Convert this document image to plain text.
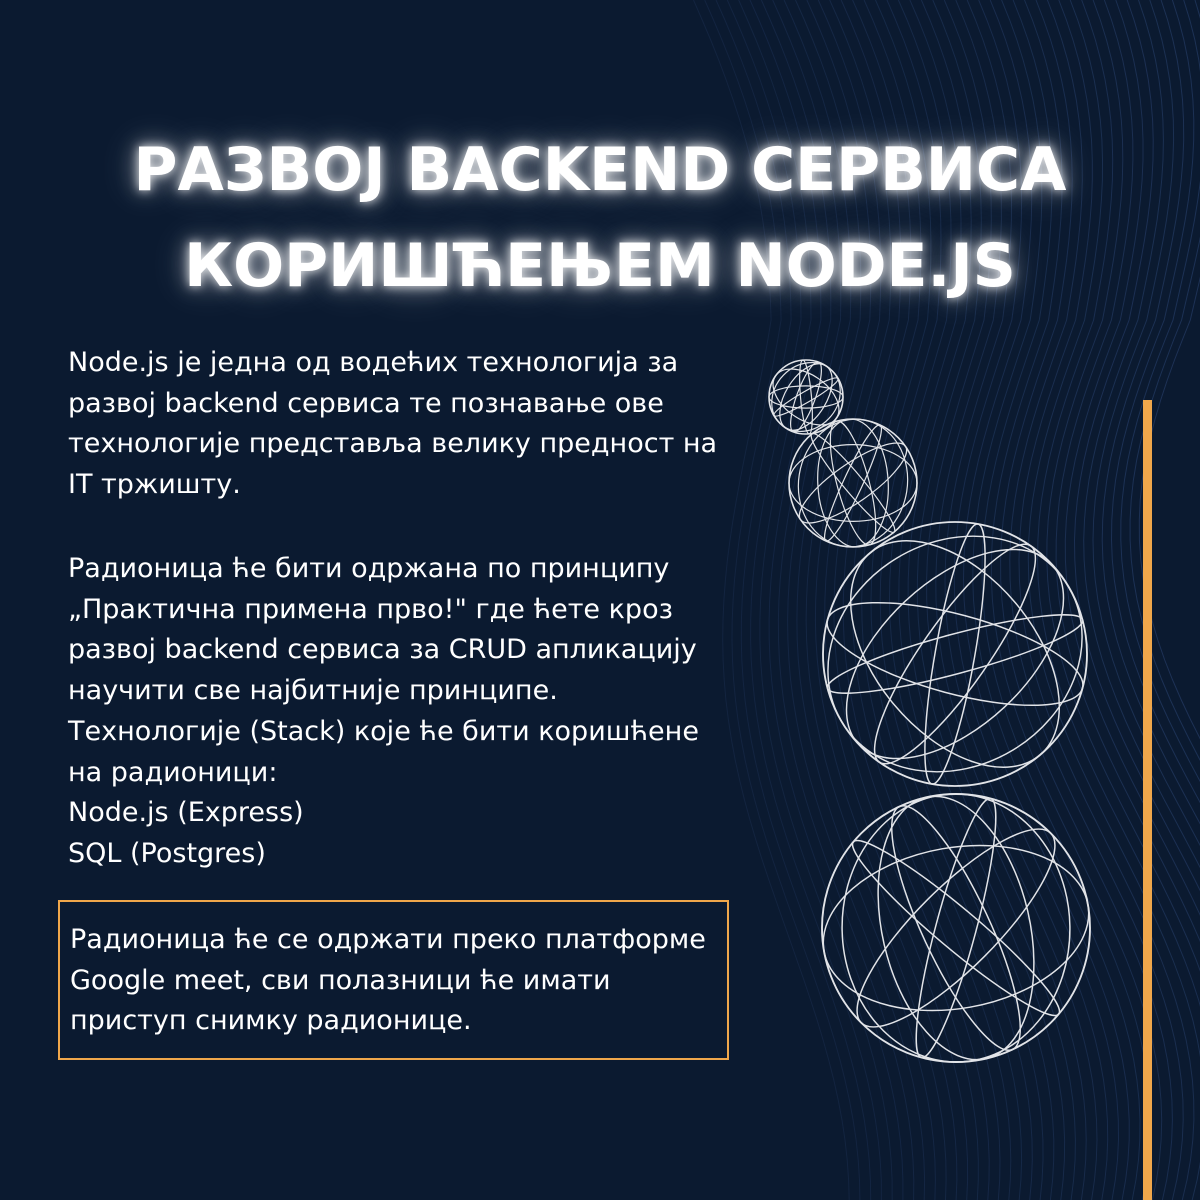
РАЗВОЈ BACKEND СЕРВИСА
КОРИШЋЕЊЕМ NODE.JS

Node.js је једна од водећих технологија за

развој backend сервиса те познавање ове

технологије представља велику предност на

IT тржишту.

Радионица ће бити одржана по принципу

„Практична примена прво!" где ћете кроз

развој backend сервиса за CRUD апликацију

научити све најбитније принципе.

Технологије (Stack) које ће бити коришћене

на радионици:

Node.js (Express)

SQL (Postgres)

Радионица ће се одржати преко платформе

Google meet, сви полазници ће имати

приступ снимку радионице.
